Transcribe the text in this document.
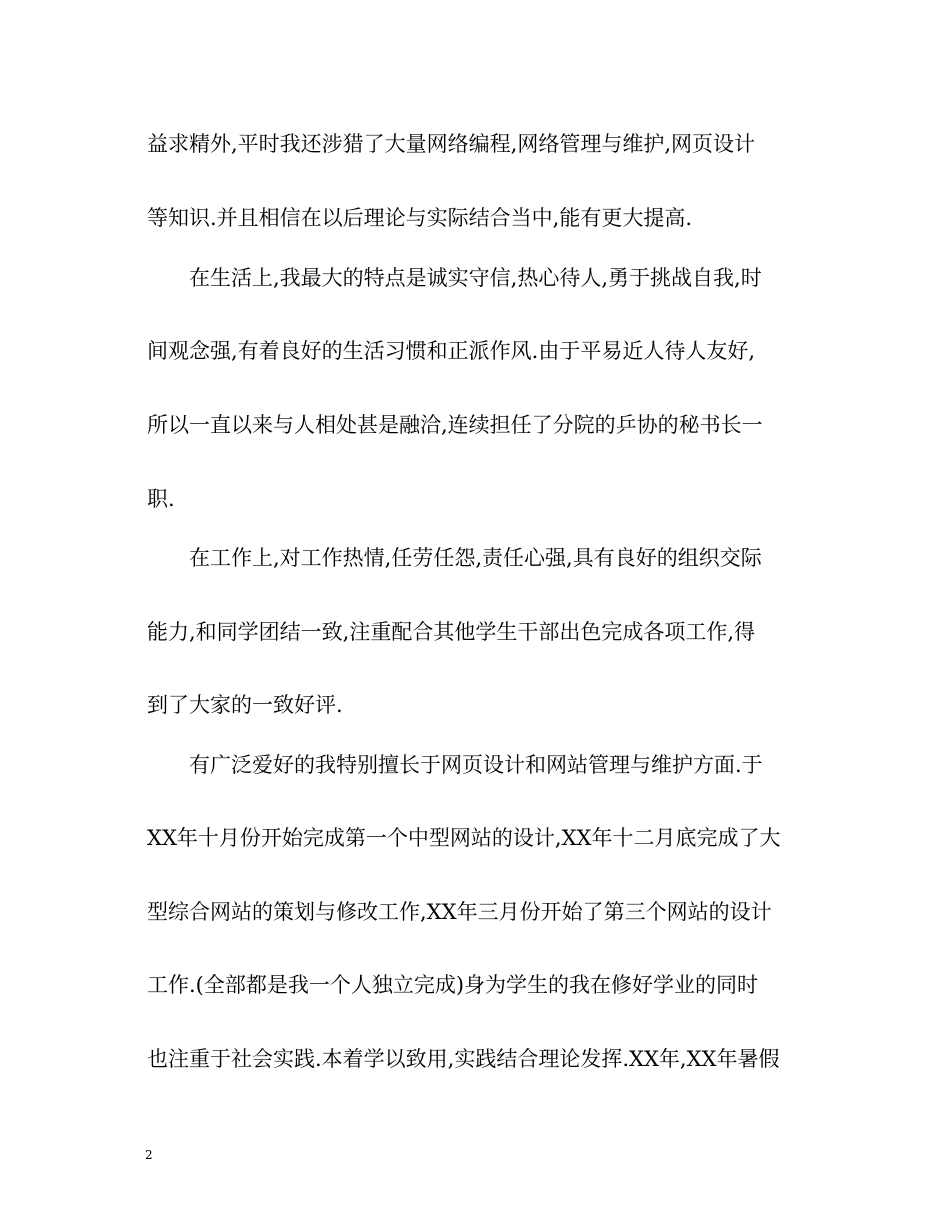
益求精外,平时我还涉猎了大量网络编程,网络管理与维护,网页设计
等知识.并且相信在以后理论与实际结合当中,能有更大提高.
在生活上,我最大的特点是诚实守信,热心待人,勇于挑战自我,时
间观念强,有着良好的生活习惯和正派作风.由于平易近人待人友好,
所以一直以来与人相处甚是融洽,连续担任了分院的乒协的秘书长一
职.
在工作上,对工作热情,任劳任怨,责任心强,具有良好的组织交际
能力,和同学团结一致,注重配合其他学生干部出色完成各项工作,得
到了大家的一致好评.
有广泛爱好的我特别擅长于网页设计和网站管理与维护方面.于
XX年十月份开始完成第一个中型网站的设计,XX年十二月底完成了大
型综合网站的策划与修改工作,XX年三月份开始了第三个网站的设计
工作.(全部都是我一个人独立完成)身为学生的我在修好学业的同时
也注重于社会实践.本着学以致用,实践结合理论发挥.XX年,XX年暑假
2
